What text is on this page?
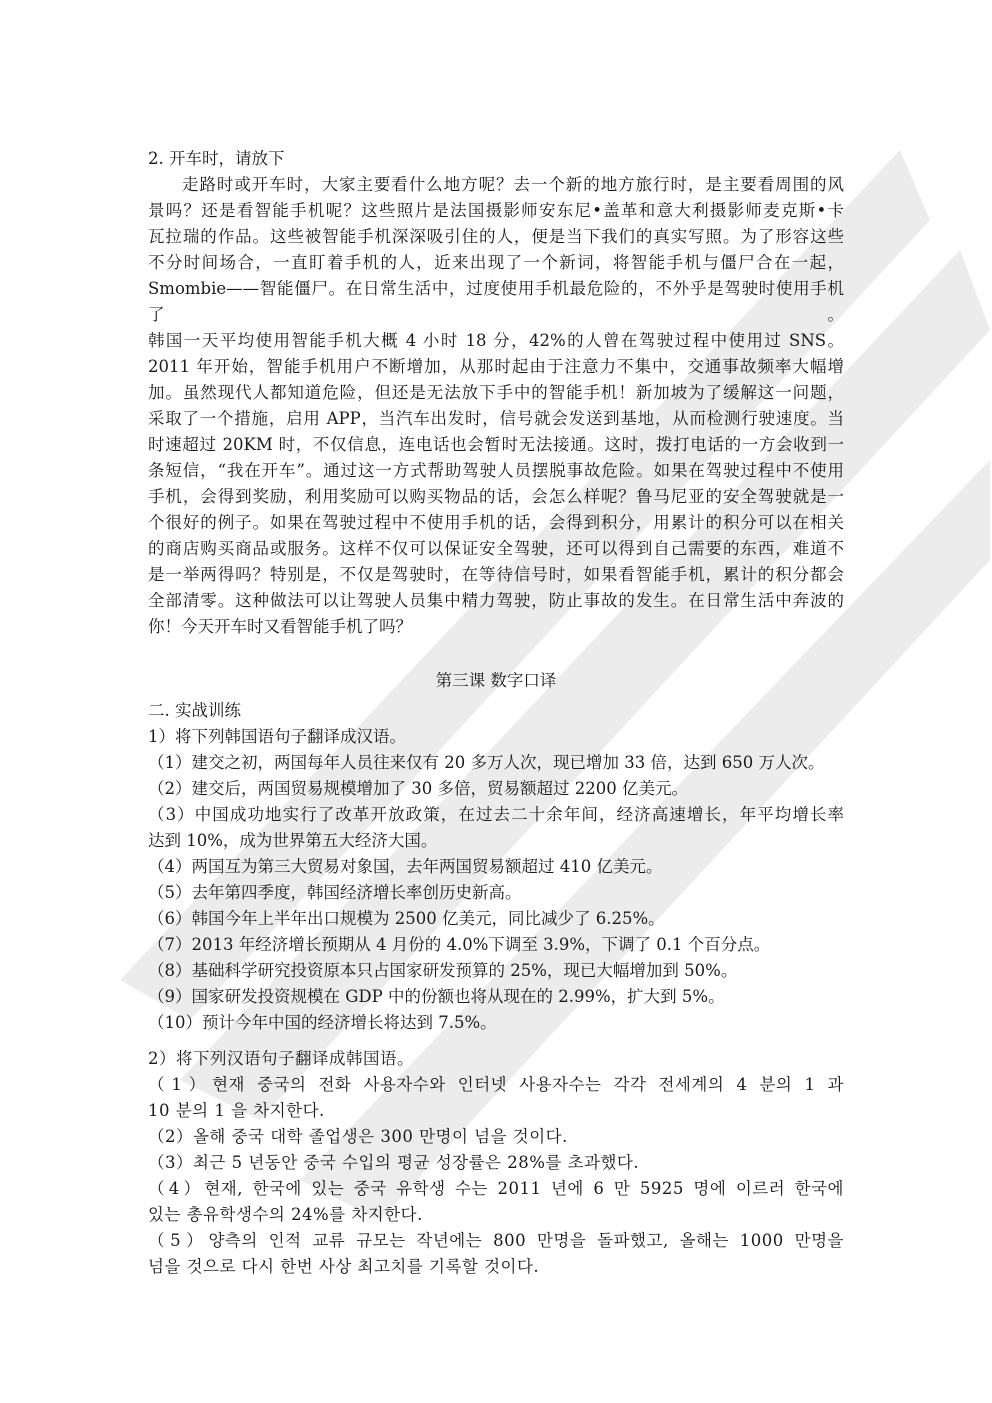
2. 开车时，请放下

走路时或开车时，大家主要看什么地方呢？去一个新的地方旅行时，是主要看周围的风

景吗？还是看智能手机呢？这些照片是法国摄影师安东尼•盖革和意大利摄影师麦克斯•卡

瓦拉瑞的作品。这些被智能手机深深吸引住的人，便是当下我们的真实写照。为了形容这些

不分时间场合，一直盯着手机的人，近来出现了一个新词，将智能手机与僵尸合在一起，

Smombie——智能僵尸。在日常生活中，过度使用手机最危险的，不外乎是驾驶时使用手机了。

韩国一天平均使用智能手机大概 4 小时 18 分，42%的人曾在驾驶过程中使用过 SNS。

2011 年开始，智能手机用户不断增加，从那时起由于注意力不集中，交通事故频率大幅增

加。虽然现代人都知道危险，但还是无法放下手中的智能手机！新加坡为了缓解这一问题，

采取了一个措施，启用 APP，当汽车出发时，信号就会发送到基地，从而检测行驶速度。当

时速超过 20KM 时，不仅信息，连电话也会暂时无法接通。这时，拨打电话的一方会收到一

条短信，“我在开车”。通过这一方式帮助驾驶人员摆脱事故危险。如果在驾驶过程中不使用

手机，会得到奖励，利用奖励可以购买物品的话，会怎么样呢？鲁马尼亚的安全驾驶就是一

个很好的例子。如果在驾驶过程中不使用手机的话，会得到积分，用累计的积分可以在相关

的商店购买商品或服务。这样不仅可以保证安全驾驶，还可以得到自己需要的东西，难道不

是一举两得吗？特别是，不仅是驾驶时，在等待信号时，如果看智能手机，累计的积分都会

全部清零。这种做法可以让驾驶人员集中精力驾驶，防止事故的发生。在日常生活中奔波的

你！今天开车时又看智能手机了吗？

第三课 数字口译

二. 实战训练

1）将下列韩国语句子翻译成汉语。

（1）建交之初，两国每年人员往来仅有 20 多万人次，现已增加 33 倍，达到 650 万人次。

（2）建交后，两国贸易规模增加了 30 多倍，贸易额超过 2200 亿美元。

（3）中国成功地实行了改革开放政策，在过去二十余年间，经济高速增长，年平均增长率

达到 10%，成为世界第五大经济大国。

（4）两国互为第三大贸易对象国，去年两国贸易额超过 410 亿美元。

（5）去年第四季度，韩国经济增长率创历史新高。

（6）韩国今年上半年出口规模为 2500 亿美元，同比减少了 6.25%。

（7）2013 年经济增长预期从 4 月份的 4.0%下调至 3.9%，下调了 0.1 个百分点。

（8）基础科学研究投资原本只占国家研发预算的 25%，现已大幅增加到 50%。

（9）国家研发投资规模在 GDP 中的份额也将从现在的 2.99%，扩大到 5%。

（10）预计今年中国的经济增长将达到 7.5%。

2）将下列汉语句子翻译成韩国语。

（1）현재 중국의 전화 사용자수와 인터넷 사용자수는 각각 전세계의 4 분의 1 과

10 분의 1 을 차지한다.

（2）올해 중국 대학 졸업생은 300 만명이 넘을 것이다.

（3）최근 5 년동안 중국 수입의 평균 성장률은 28%를 초과했다.

（4）현재, 한국에 있는 중국 유학생 수는 2011 년에 6 만 5925 명에 이르러 한국에

있는 총유학생수의 24%를 차지한다.

（5）양측의 인적 교류 규모는 작년에는 800 만명을 돌파했고, 올해는 1000 만명을

넘을 것으로 다시 한번 사상 최고치를 기록할 것이다.
